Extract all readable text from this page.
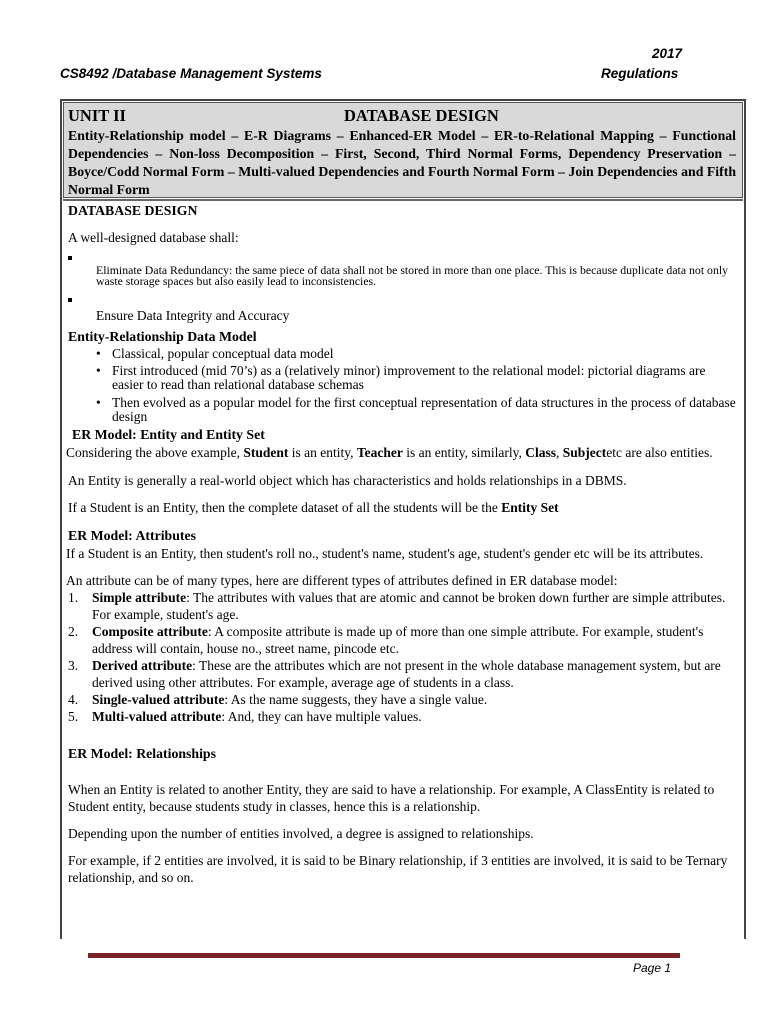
2017
CS8492 /Database Management Systems	Regulations
UNIT II	DATABASE DESIGN
Entity-Relationship model – E-R Diagrams – Enhanced-ER Model – ER-to-Relational Mapping – Functional Dependencies – Non-loss Decomposition – First, Second, Third Normal Forms, Dependency Preservation – Boyce/Codd Normal Form – Multi-valued Dependencies and Fourth Normal Form – Join Dependencies and Fifth Normal Form

DATABASE DESIGN

A well-designed database shall:

Eliminate Data Redundancy: the same piece of data shall not be stored in more than one place. This is because duplicate data not only waste storage spaces but also easily lead to inconsistencies.

Ensure Data Integrity and Accuracy

Entity-Relationship Data Model

• Classical, popular conceptual data model
• First introduced (mid 70’s) as a (relatively minor) improvement to the relational model: pictorial diagrams are easier to read than relational database schemas
• Then evolved as a popular model for the first conceptual representation of data structures in the process of database design

ER Model: Entity and Entity Set

Considering the above example, Student is an entity, Teacher is an entity, similarly, Class, Subjectetc are also entities.

An Entity is generally a real-world object which has characteristics and holds relationships in a DBMS.

If a Student is an Entity, then the complete dataset of all the students will be the Entity Set

ER Model: Attributes

If a Student is an Entity, then student's roll no., student's name, student's age, student's gender etc will be its attributes.

An attribute can be of many types, here are different types of attributes defined in ER database model:

1. Simple attribute: The attributes with values that are atomic and cannot be broken down further are simple attributes. For example, student's age.
2. Composite attribute: A composite attribute is made up of more than one simple attribute. For example, student's address will contain, house no., street name, pincode etc.
3. Derived attribute: These are the attributes which are not present in the whole database management system, but are derived using other attributes. For example, average age of students in a class.
4. Single-valued attribute: As the name suggests, they have a single value.
5. Multi-valued attribute: And, they can have multiple values.

ER Model: Relationships

When an Entity is related to another Entity, they are said to have a relationship. For example, A ClassEntity is related to Student entity, because students study in classes, hence this is a relationship.

Depending upon the number of entities involved, a degree is assigned to relationships.

For example, if 2 entities are involved, it is said to be Binary relationship, if 3 entities are involved, it is said to be Ternary relationship, and so on.

Page 1
